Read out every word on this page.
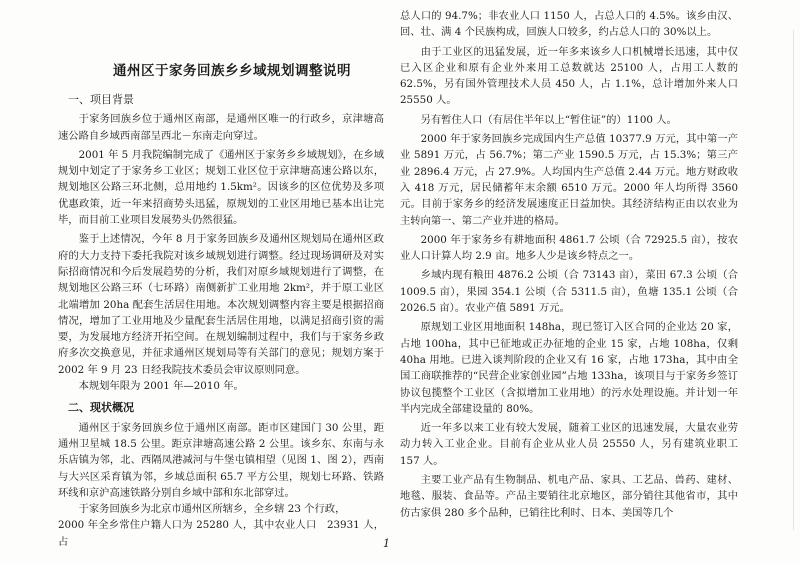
通州区于家务回族乡乡域规划调整说明
一、项目背景

于家务回族乡位于通州区南部，是通州区唯一的行政乡，京津塘高速公路自乡域西南部呈西北－东南走向穿过。

2001 年 5 月我院编制完成了《通州区于家务乡乡域规划》，在乡域规划中划定了于家务乡工业区；规划工业区位于京津塘高速公路以东，规划地区公路三环北侧，总用地约 1.5km²。因该乡的区位优势及多项优惠政策，近一年来招商势头迅猛，原规划的工业区用地已基本出让完毕，而目前工业项目发展势头仍然很猛。

鉴于上述情况，今年 8 月于家务回族乡及通州区规划局在通州区政府的大力支持下委托我院对该乡域规划进行调整。经过现场调研及对实际招商情况和今后发展趋势的分析，我们对原乡域规划进行了调整，在规划地区公路三环（七环路）南侧新扩工业用地 2km²，并于原工业区北端增加 20ha 配套生活居住用地。本次规划调整内容主要是根据招商情况，增加了工业用地及少量配套生活居住用地，以满足招商引资的需要，为发展地方经济开拓空间。在规划编制过程中，我们与于家务乡政府多次交换意见，并征求通州区规划局等有关部门的意见；规划方案于 2002 年 9 月 23 日经我院技术委员会审议原则同意。

本规划年限为 2001 年—2010 年。

二、现状概况

通州区于家务回族乡位于通州区南部。距市区建国门 30 公里，距通州卫星城 18.5 公里。距京津塘高速公路 2 公里。该乡东、东南与永乐店镇为邻，北、西隔凤港减河与牛堡屯镇相望（见图 1、图 2），西南与大兴区采育镇为邻，乡域总面积 65.7 平方公里，规划七环路、铁路环线和京沪高速铁路分别自乡域中部和东北部穿过。

于家务回族乡为北京市通州区所辖乡，全乡辖 23 个行政，

2000 年全乡常住户籍人口为 25280 人，其中农业人口　23931 人，占

总人口的 94.7%；非农业人口 1150 人，占总人口的 4.5%。该乡由汉、回、壮、满 4 个民族构成，回族人口较多，约占总人口的 30%以上。

由于工业区的迅猛发展，近一年多来该乡人口机械增长迅速，其中仅已入区企业和原有企业外来用工总数就达 25100 人，占用工人数的 62.5%，另有国外管理技术人员 450 人，占 1.1%，总计增加外来人口 25550 人。

另有暂住人口（有居住半年以上“暂住证”的）1100 人。

2000 年于家务回族乡完成国内生产总值 10377.9 万元，其中第一产业 5891 万元，占 56.7%；第二产业 1590.5 万元，占 15.3%；第三产业 2896.4 万元，占 27.9%。人均国内生产总值 2.44 万元。地方财政收入 418 万元，居民储蓄年末余额 6510 万元。2000 年人均所得 3560 元。目前于家务乡的经济发展速度正日益加快。其经济结构正由以农业为主转向第一、第二产业并进的格局。

2000 年于家务乡有耕地面积 4861.7 公顷（合 72925.5 亩），按农业人口计算人均 2.9 亩。地多人少是该乡特点之一。

乡域内现有粮田 4876.2 公顷（合 73143 亩），菜田 67.3 公顷（合 1009.5 亩），果园 354.1 公顷（合 5311.5 亩），鱼塘 135.1 公顷（合 2026.5 亩）。农业产值 5891 万元。

原规划工业区用地面积 148ha，现已签订入区合同的企业达 20 家，占地 100ha，其中已征地或正办征地的企业 15 家，占地 108ha，仅剩 40ha 用地。已进入谈判阶段的企业又有 16 家，占地 173ha，其中由全国工商联推荐的“民营企业家创业园”占地 133ha，该项目与于家务乡签订协议包揽整个工业区（含拟增加工业用地）的污水处理设施。并计划一年半内完成全部建设量的 80%。

近一年多以来工业有较大发展，随着工业区的迅速发展，大量农业劳动力转入工业企业。目前有企业从业人员 25550 人，另有建筑业职工 157 人。

主要工业产品有生物制品、机电产品、家具、工艺品、兽药、建材、地毯、服装、食品等。产品主要销往北京地区，部分销往其他省市，其中仿古家俱 280 多个品种，已销往比利时、日本、美国等几个

1
